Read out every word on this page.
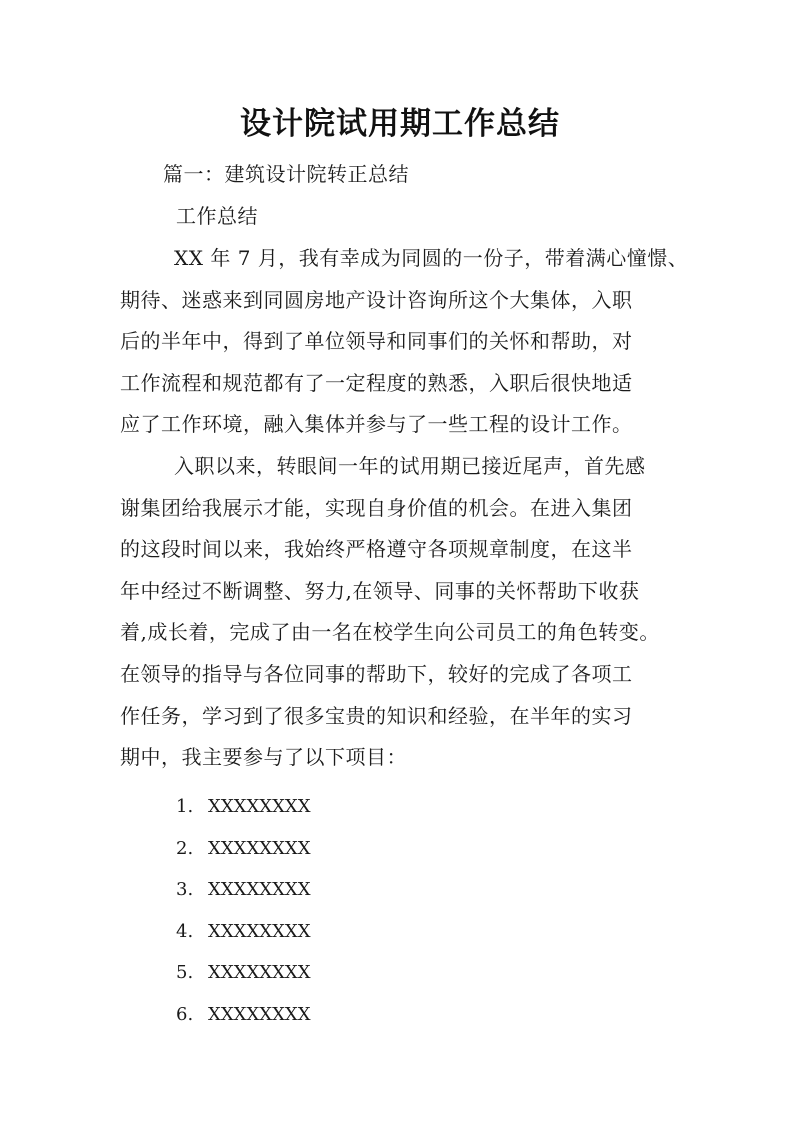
设计院试用期工作总结
篇一：建筑设计院转正总结
工作总结
XX 年 7 月，我有幸成为同圆的一份子，带着满心憧憬、
期待、迷惑来到同圆房地产设计咨询所这个大集体，入职
后的半年中，得到了单位领导和同事们的关怀和帮助，对
工作流程和规范都有了一定程度的熟悉，入职后很快地适
应了工作环境，融入集体并参与了一些工程的设计工作。
入职以来，转眼间一年的试用期已接近尾声，首先感
谢集团给我展示才能，实现自身价值的机会。在进入集团
的这段时间以来，我始终严格遵守各项规章制度，在这半
年中经过不断调整、努力,在领导、同事的关怀帮助下收获
着,成长着，完成了由一名在校学生向公司员工的角色转变。
在领导的指导与各位同事的帮助下，较好的完成了各项工
作任务，学习到了很多宝贵的知识和经验，在半年的实习
期中，我主要参与了以下项目：
1. XXXXXXXX
2. XXXXXXXX
3. XXXXXXXX
4. XXXXXXXX
5. XXXXXXXX
6. XXXXXXXX
